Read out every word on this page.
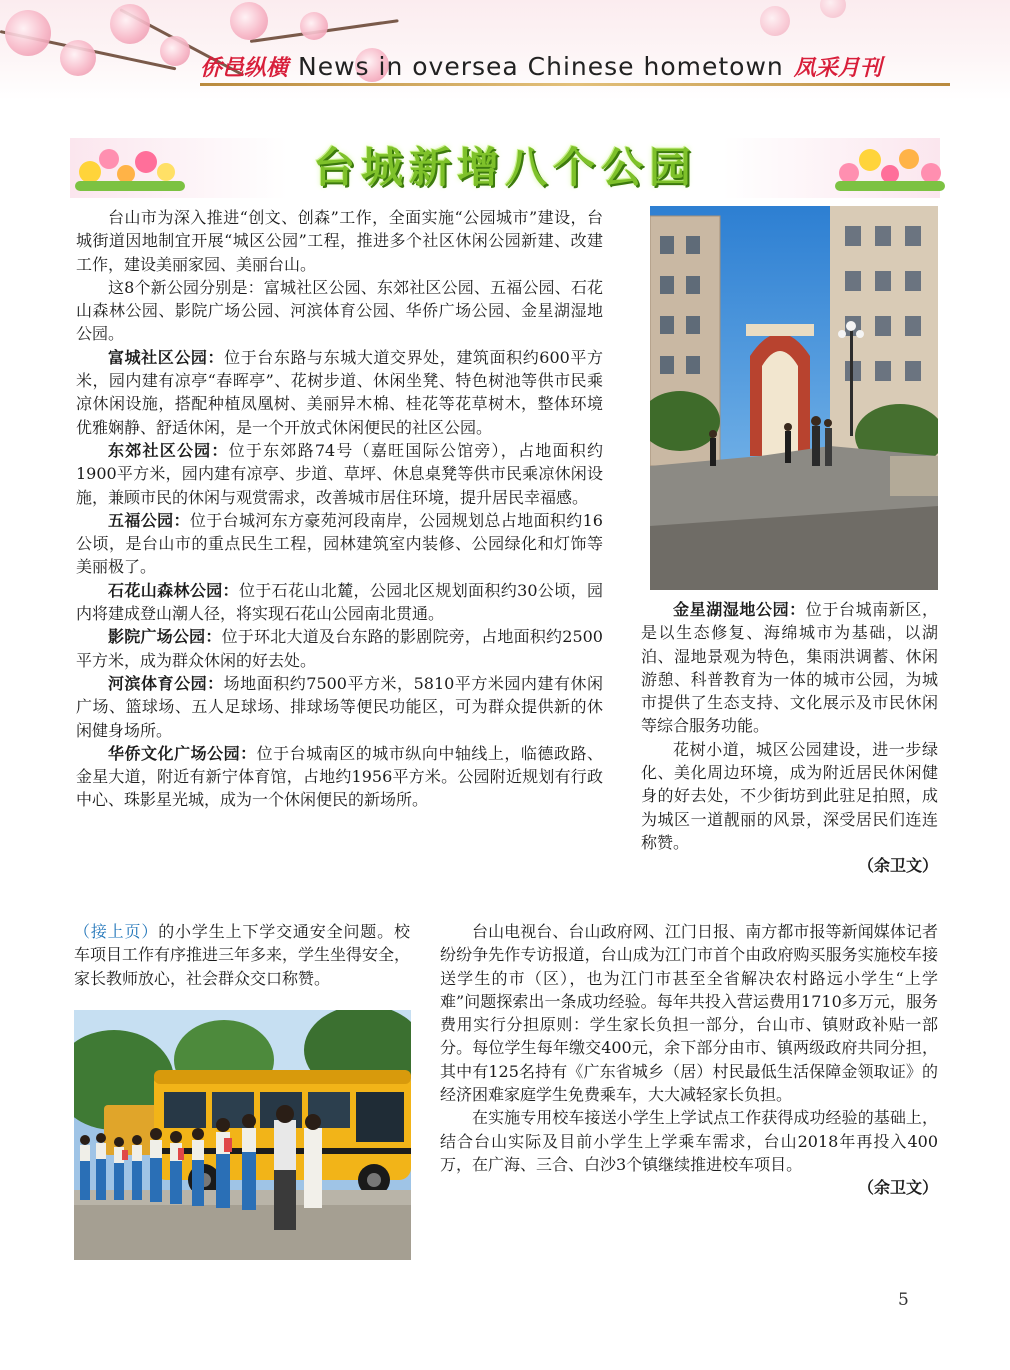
侨邑纵横 News in oversea Chinese hometown 凤采月刊
台城新增八个公园

台山市为深入推进“创文、创森”工作，全面实施“公园城市”建设，台城街道因地制宜开展“城区公园”工程，推进多个社区休闲公园新建、改建工作，建设美丽家园、美丽台山。

这8个新公园分别是：富城社区公园、东郊社区公园、五福公园、石花山森林公园、影院广场公园、河滨体育公园、华侨广场公园、金星湖湿地公园。

富城社区公园：位于台东路与东城大道交界处，建筑面积约600平方米，园内建有凉亭“春晖亭”、花树步道、休闲坐凳、特色树池等供市民乘凉休闲设施，搭配种植凤凰树、美丽异木棉、桂花等花草树木，整体环境优雅娴静、舒适休闲，是一个开放式休闲便民的社区公园。

东郊社区公园：位于东郊路74号（嘉旺国际公馆旁），占地面积约1900平方米，园内建有凉亭、步道、草坪、休息桌凳等供市民乘凉休闲设施，兼顾市民的休闲与观赏需求，改善城市居住环境，提升居民幸福感。

五福公园：位于台城河东方豪苑河段南岸，公园规划总占地面积约16公顷，是台山市的重点民生工程，园林建筑室内装修、公园绿化和灯饰等美丽极了。

石花山森林公园：位于石花山北麓，公园北区规划面积约30公顷，园内将建成登山潮人径，将实现石花山公园南北贯通。

影院广场公园：位于环北大道及台东路的影剧院旁，占地面积约2500平方米，成为群众休闲的好去处。

河滨体育公园：场地面积约7500平方米，5810平方米园内建有休闲广场、篮球场、五人足球场、排球场等便民功能区，可为群众提供新的休闲健身场所。

华侨文化广场公园：位于台城南区的城市纵向中轴线上，临德政路、金星大道，附近有新宁体育馆，占地约1956平方米。公园附近规划有行政中心、珠影星光城，成为一个休闲便民的新场所。

金星湖湿地公园：位于台城南新区，是以生态修复、海绵城市为基础，以湖泊、湿地景观为特色，集雨洪调蓄、休闲游憩、科普教育为一体的城市公园，为城市提供了生态支持、文化展示及市民休闲等综合服务功能。

花树小道，城区公园建设，进一步绿化、美化周边环境，成为附近居民休闲健身的好去处，不少街坊到此驻足拍照，成为城区一道靓丽的风景，深受居民们连连称赞。

（余卫文）

（接上页）的小学生上下学交通安全问题。校车项目工作有序推进三年多来，学生坐得安全，家长教师放心，社会群众交口称赞。

台山电视台、台山政府网、江门日报、南方都市报等新闻媒体记者纷纷争先作专访报道，台山成为江门市首个由政府购买服务实施校车接送学生的市（区），也为江门市甚至全省解决农村路远小学生“上学难”问题探索出一条成功经验。每年共投入营运费用1710多万元，服务费用实行分担原则：学生家长负担一部分，台山市、镇财政补贴一部分。每位学生每年缴交400元，余下部分由市、镇两级政府共同分担，其中有125名持有《广东省城乡（居）村民最低生活保障金领取证》的经济困难家庭学生免费乘车，大大减轻家长负担。

在实施专用校车接送小学生上学试点工作获得成功经验的基础上，结合台山实际及目前小学生上学乘车需求，台山2018年再投入400万，在广海、三合、白沙3个镇继续推进校车项目。

（余卫文）
5
